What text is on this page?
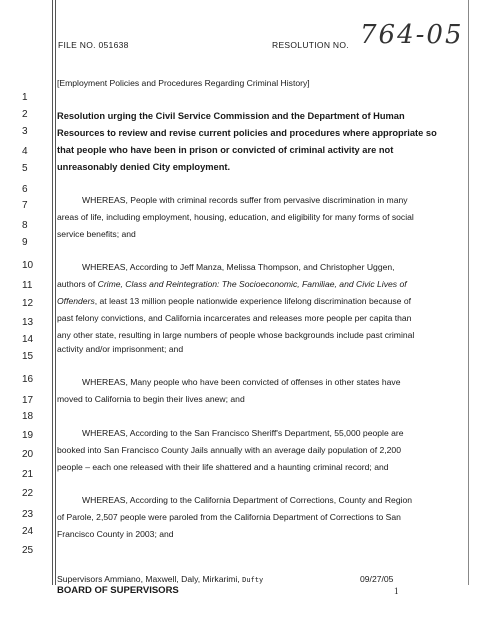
FILE NO. 051638	RESOLUTION NO. 764-05
1
2
3
4
5
6
7
8
9
10
11
12
13
14
15
16
17
18
19
20
21
22
23
24
25
[Employment Policies and Procedures Regarding Criminal History]
Resolution urging the Civil Service Commission and the Department of Human
Resources to review and revise current policies and procedures where appropriate so
that people who have been in prison or convicted of criminal activity are not
unreasonably denied City employment.
WHEREAS, People with criminal records suffer from pervasive discrimination in many
areas of life, including employment, housing, education, and eligibility for many forms of social
service benefits; and
WHEREAS, According to Jeff Manza, Melissa Thompson, and Christopher Uggen,
authors of Crime, Class and Reintegration: The Socioeconomic, Familiae, and Civic Lives of
Offenders, at least 13 million people nationwide experience lifelong discrimination because of
past felony convictions, and California incarcerates and releases more people per capita than
any other state, resulting in large numbers of people whose backgrounds include past criminal
activity and/or imprisonment; and
WHEREAS, Many people who have been convicted of offenses in other states have
moved to California to begin their lives anew; and
WHEREAS, According to the San Francisco Sheriff's Department, 55,000 people are
booked into San Francisco County Jails annually with an average daily population of 2,200
people – each one released with their life shattered and a haunting criminal record; and
WHEREAS, According to the California Department of Corrections, County and Region
of Parole, 2,507 people were paroled from the California Department of Corrections to San
Francisco County in 2003; and
Supervisors Ammiano, Maxwell, Daly, Mirkarimi, Dufty	09/27/05
BOARD OF SUPERVISORS	1
